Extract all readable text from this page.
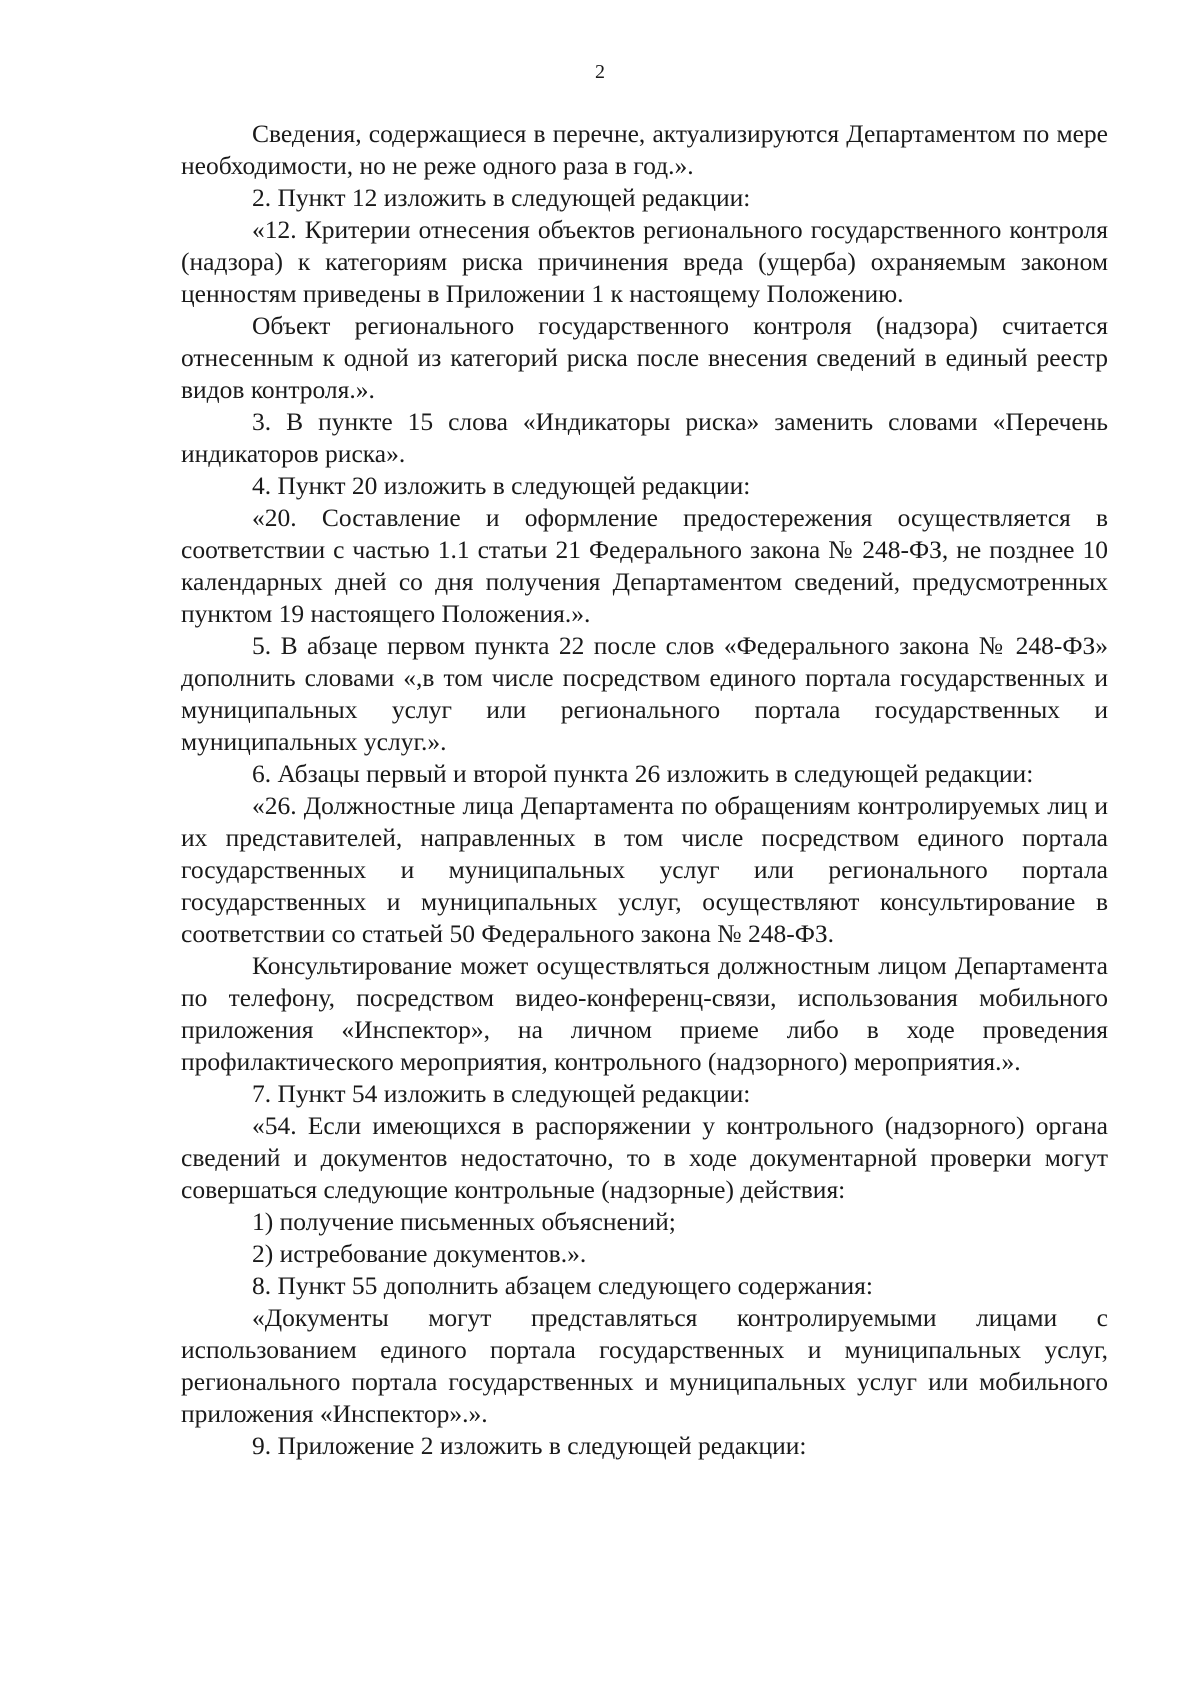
2

Сведения, содержащиеся в перечне, актуализируются Департаментом по мере необходимости, но не реже одного раза в год.».

2. Пункт 12 изложить в следующей редакции:

«12. Критерии отнесения объектов регионального государственного контроля (надзора) к категориям риска причинения вреда (ущерба) охраняемым законом ценностям приведены в Приложении 1 к настоящему Положению.

Объект регионального государственного контроля (надзора) считается отнесенным к одной из категорий риска после внесения сведений в единый реестр видов контроля.».

3. В пункте 15 слова «Индикаторы риска» заменить словами «Перечень индикаторов риска».

4. Пункт 20 изложить в следующей редакции:

«20. Составление и оформление предостережения осуществляется в соответствии с частью 1.1 статьи 21 Федерального закона № 248-ФЗ, не позднее 10 календарных дней со дня получения Департаментом сведений, предусмотренных пунктом 19 настоящего Положения.».

5. В абзаце первом пункта 22 после слов «Федерального закона № 248-ФЗ» дополнить словами «,в том числе посредством единого портала государственных и муниципальных услуг или регионального портала государственных и муниципальных услуг.».

6. Абзацы первый и второй пункта 26 изложить в следующей редакции:

«26. Должностные лица Департамента по обращениям контролируемых лиц и их представителей, направленных в том числе посредством единого портала государственных и муниципальных услуг или регионального портала государственных и муниципальных услуг, осуществляют консультирование в соответствии со статьей 50 Федерального закона № 248-ФЗ.

Консультирование может осуществляться должностным лицом Департамента по телефону, посредством видео-конференц-связи, использования мобильного приложения «Инспектор», на личном приеме либо в ходе проведения профилактического мероприятия, контрольного (надзорного) мероприятия.».

7. Пункт 54 изложить в следующей редакции:

«54. Если имеющихся в распоряжении у контрольного (надзорного) органа сведений и документов недостаточно, то в ходе документарной проверки могут совершаться следующие контрольные (надзорные) действия:

1) получение письменных объяснений;

2) истребование документов.».

8. Пункт 55 дополнить абзацем следующего содержания:

«Документы могут представляться контролируемыми лицами с использованием единого портала государственных и муниципальных услуг, регионального портала государственных и муниципальных услуг или мобильного приложения «Инспектор».».

9. Приложение 2 изложить в следующей редакции:
